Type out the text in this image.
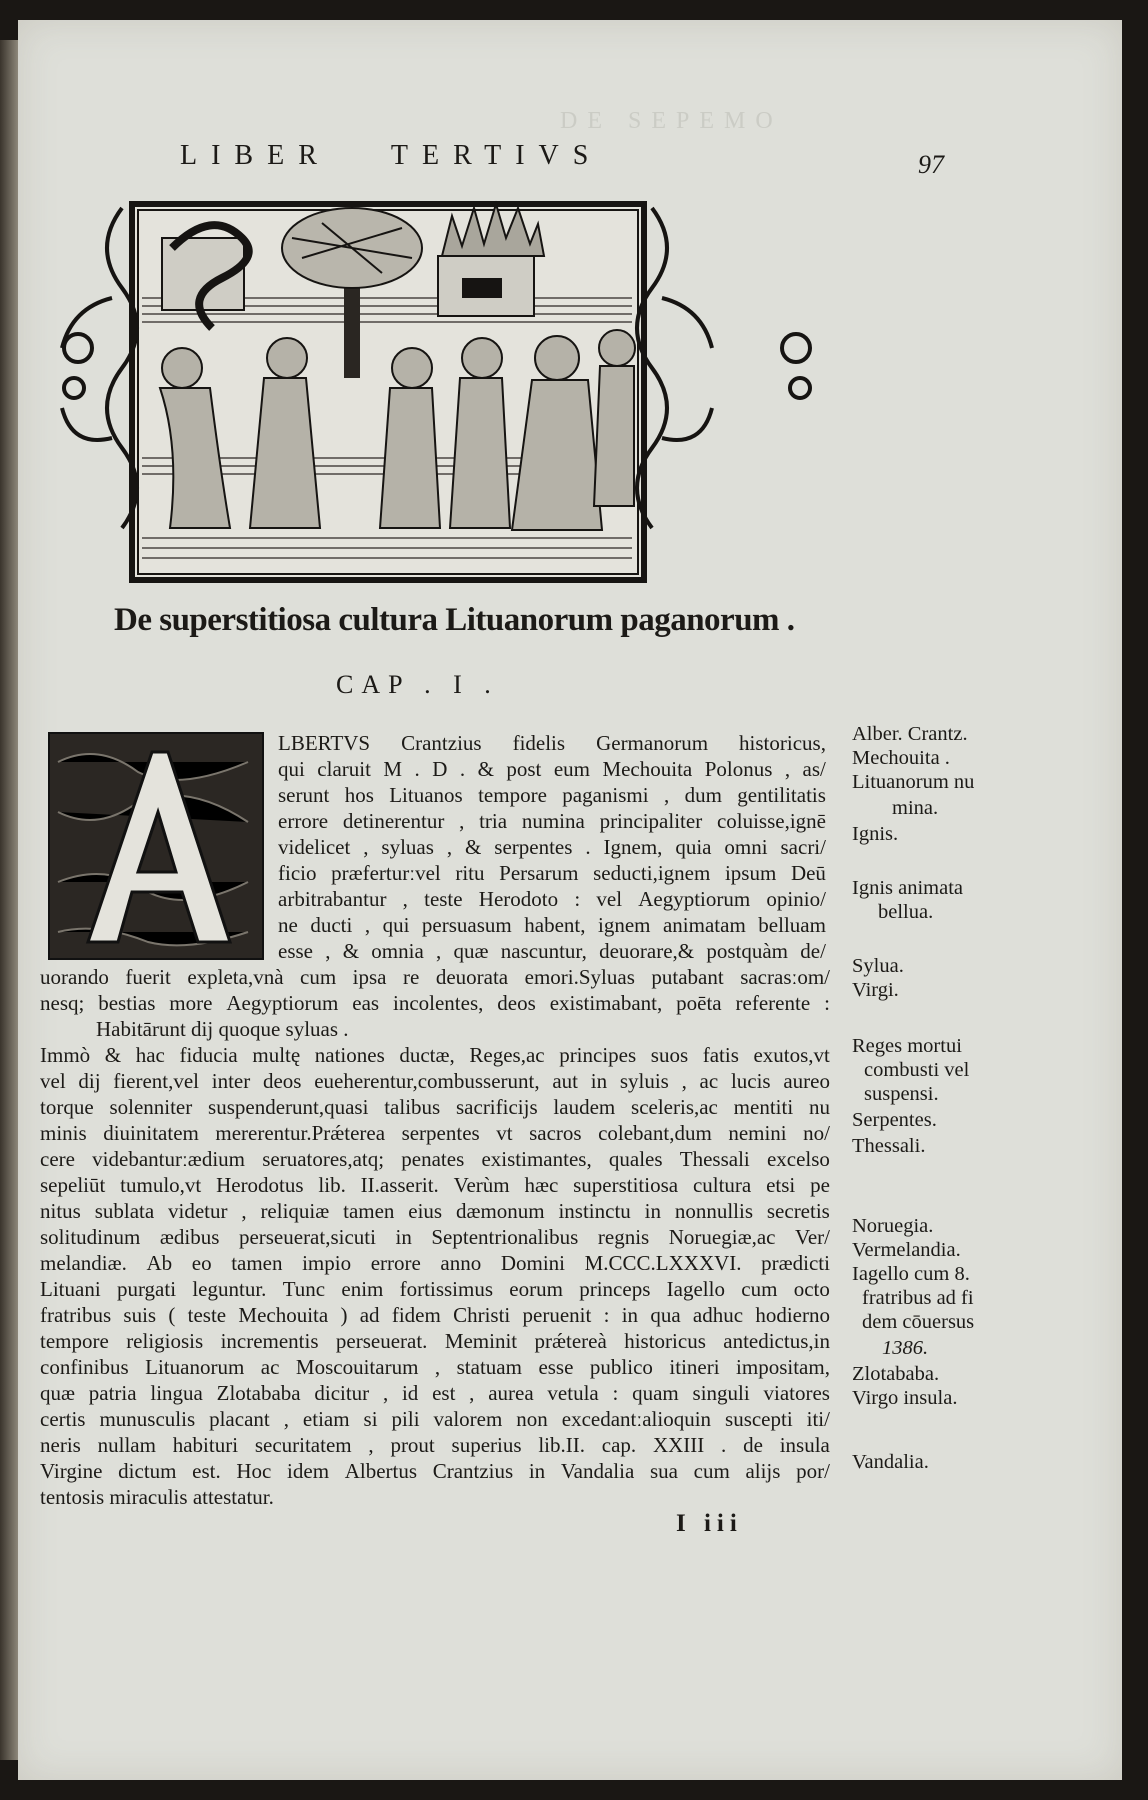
DE SEPEMO
LIBER TERTIVS	97
De superstitiosa cultura Lituanorum paganorum .
CAP . I .
LBERTVS Crantzius fidelis Germanorum historicus,
qui claruit M . D . & post eum Mechouita Polonus , as/
serunt hos Lituanos tempore paganismi , dum gentilitatis
errore detinerentur , tria numina principaliter coluisse,ignē
videlicet , syluas , & serpentes . Ignem, quia omni sacri/
ficio præferturːvel ritu Persarum seducti,ignem ipsum Deū
arbitrabantur , teste Herodoto : vel Aegyptiorum opinio/
ne ducti , qui persuasum habent, ignem animatam belluam
esse , & omnia , quæ nascuntur, deuorare,& postquàm de/
uorando fuerit expleta,vnà cum ipsa re deuorata emori.Syluas putabant sacrasːom/
nesq; bestias more Aegyptiorum eas incolentes, deos existimabant, poēta referente :
Habitārunt dij quoque syluas .
Immò & hac fiducia multę nationes ductæ, Reges,ac principes suos fatis exutos,vt
vel dij fierent,vel inter deos eueherentur,combusserunt, aut in syluis , ac lucis aureo
torque solenniter suspenderunt,quasi talibus sacrificijs laudem sceleris,ac mentiti nu
minis diuinitatem mererentur.Prǽterea serpentes vt sacros colebant,dum nemini no/
cere videbanturːædium seruatores,atq; penates existimantes, quales Thessali excelso
sepeliūt tumulo,vt Herodotus lib. II.asserit. Verùm hæc superstitiosa cultura etsi pe
nitus sublata videtur , reliquiæ tamen eius dæmonum instinctu in nonnullis secretis
solitudinum ædibus perseuerat,sicuti in Septentrionalibus regnis Noruegiæ,ac Ver/
melandiæ. Ab eo tamen impio errore anno Domini M.CCC.LXXXVI. prædicti
Lituani purgati leguntur. Tunc enim fortissimus eorum princeps Iagello cum octo
fratribus suis ( teste Mechouita ) ad fidem Christi peruenit : in qua adhuc hodierno
tempore religiosis incrementis perseuerat. Meminit prǽtereà historicus antedictus,in
confinibus Lituanorum ac Moscouitarum , statuam esse publico itineri impositam,
quæ patria lingua Zlotababa dicitur , id est , aurea vetula : quam singuli viatores
certis munusculis placant , etiam si pili valorem non excedantːalioquin suscepti iti/
neris nullam habituri securitatem , prout superius lib.II. cap. XXIII . de insula
Virgine dictum est. Hoc idem Albertus Crantzius in Vandalia sua cum alijs por/
tentosis miraculis attestatur.
Alber. Crantz.
Mechouita .
Lituanorum nu
mina.
Ignis.
Ignis animata
bellua.
Sylua.
Virgi.
Reges mortui
combusti vel
suspensi.
Serpentes.
Thessali.
Noruegia.
Vermelandia.
Iagello cum 8.
fratribus ad fi
dem cōuersus
1386.
Zlotababa.
Virgo insula.
Vandalia.
I iii
